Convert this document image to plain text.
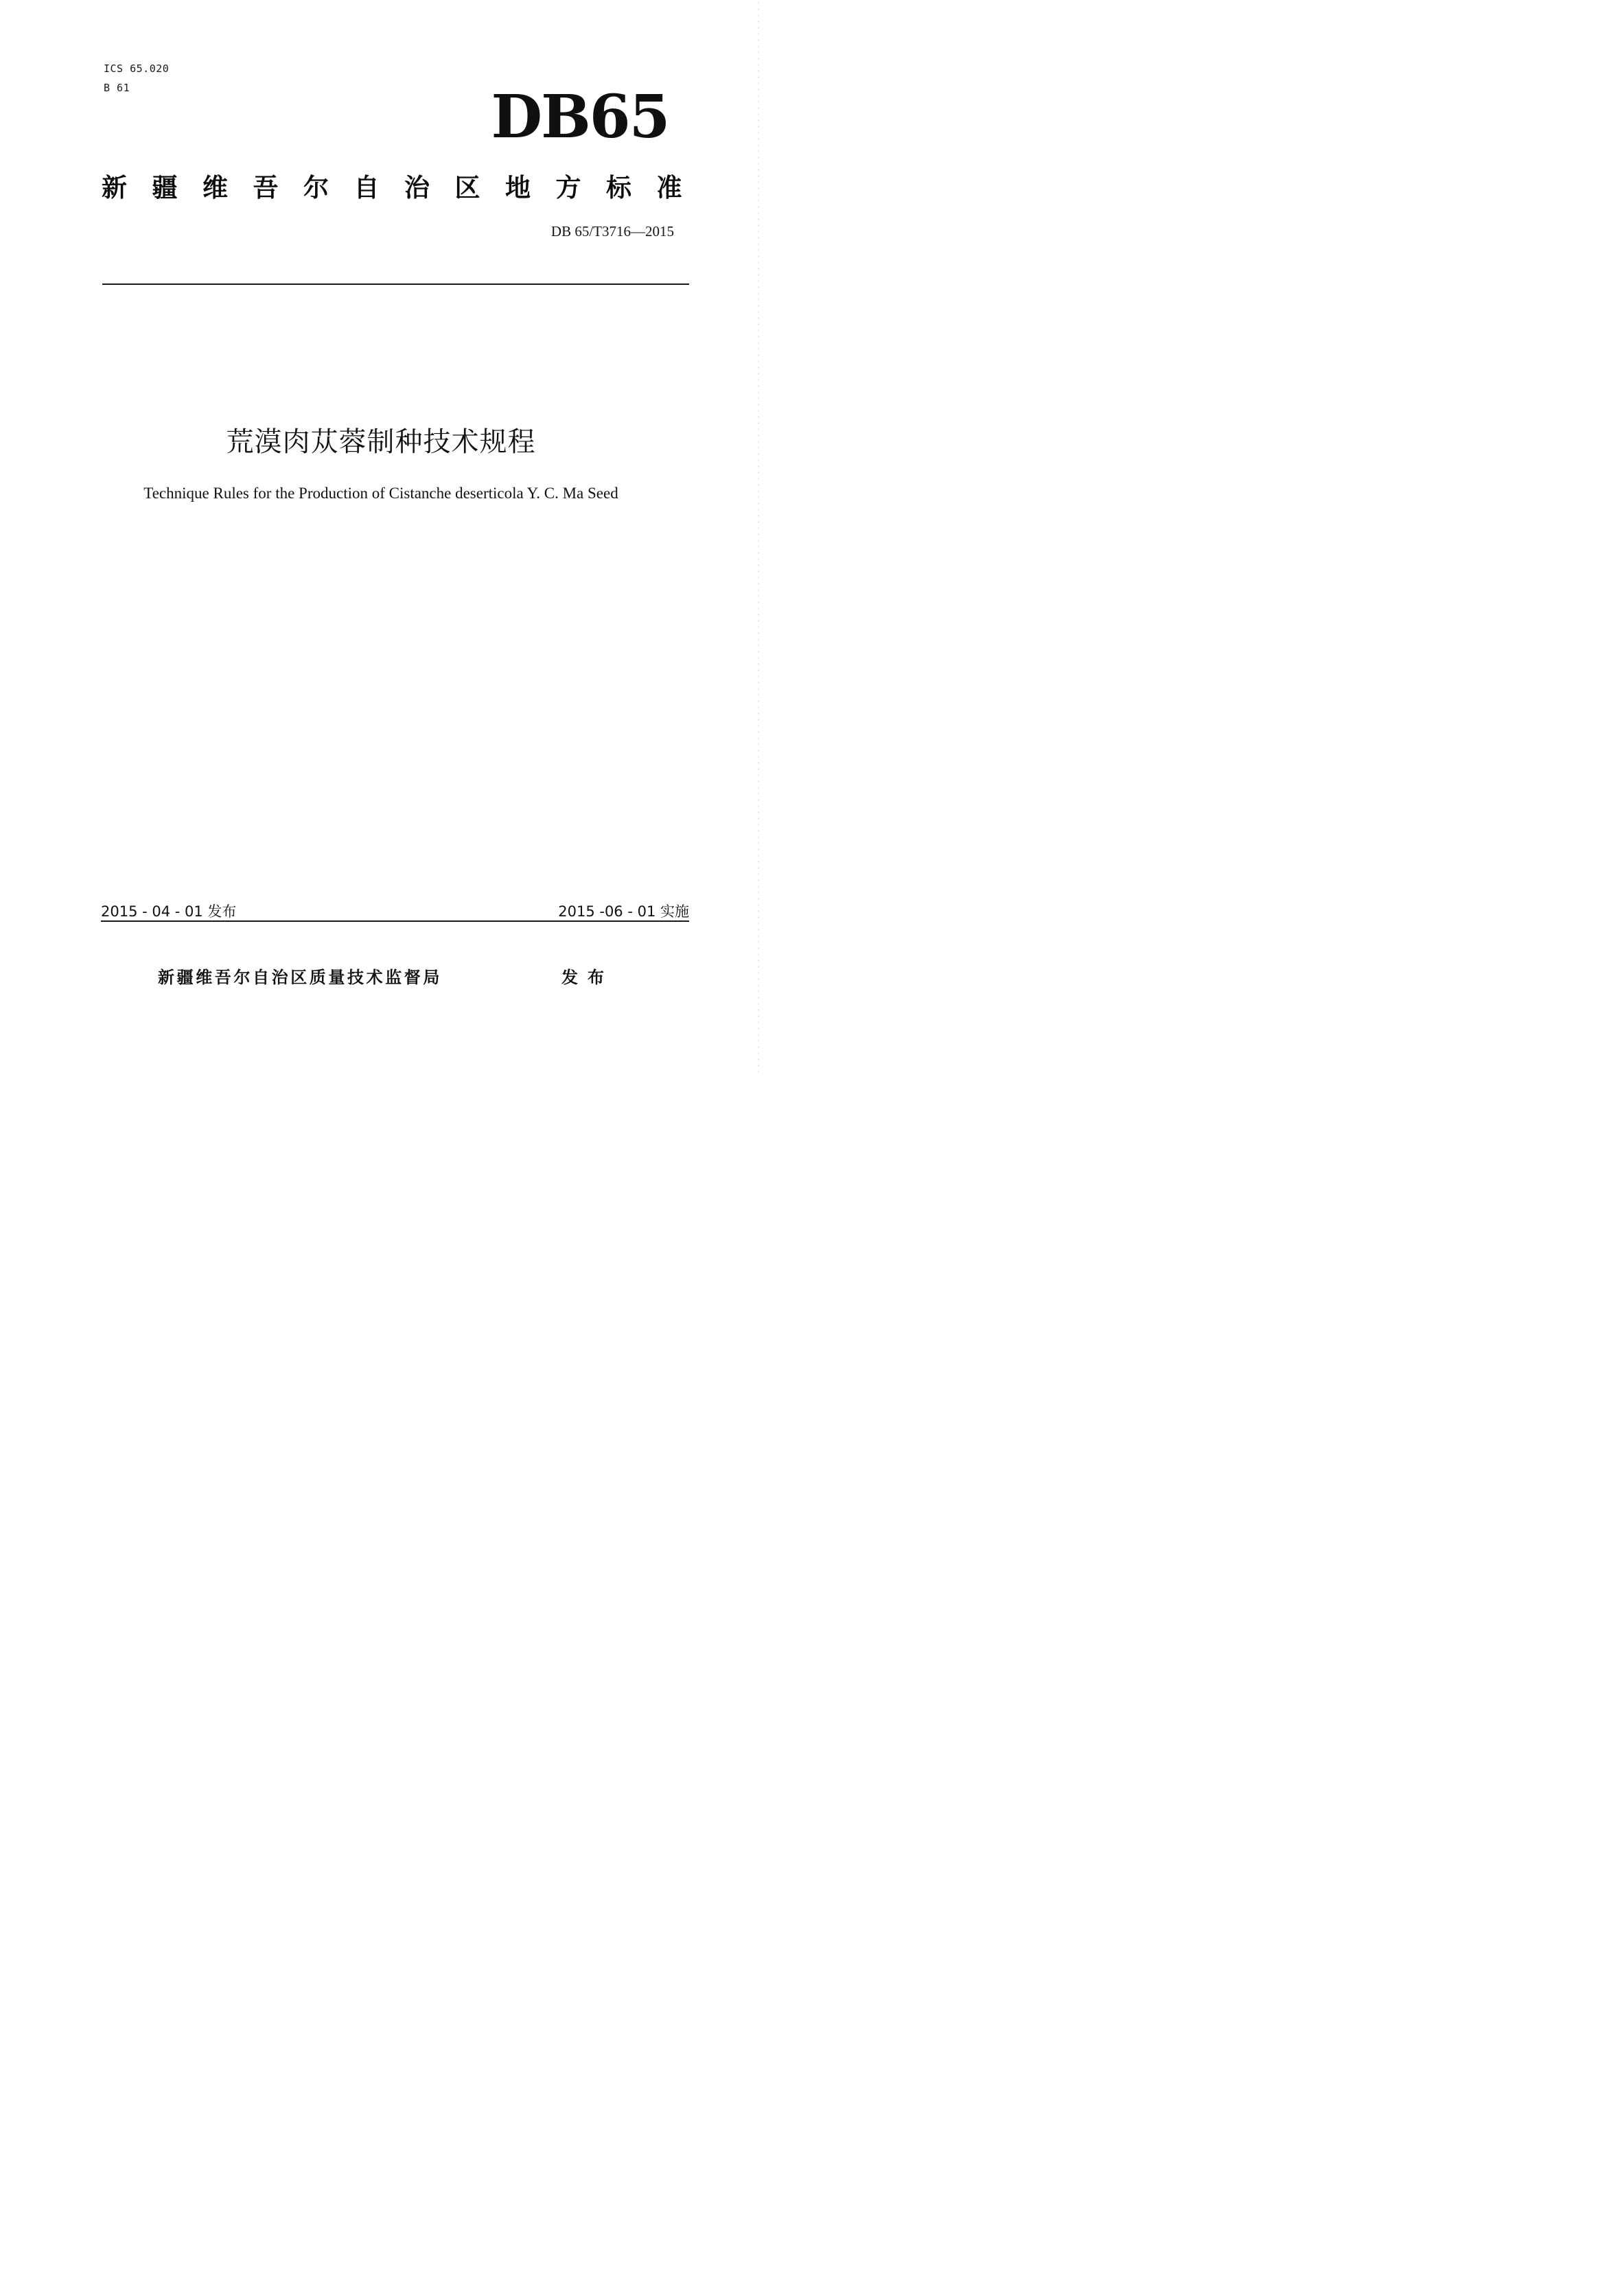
ICS 65.020
B 61	DB65
新疆维吾尔自治区地方标准
DB 65/T3716—2015
荒漠肉苁蓉制种技术规程
Technique Rules for the Production of Cistanche deserticola Y. C. Ma Seed
2015 - 04 - 01 发布	2015 -06 - 01 实施
新疆维吾尔自治区质量技术监督局	发布
